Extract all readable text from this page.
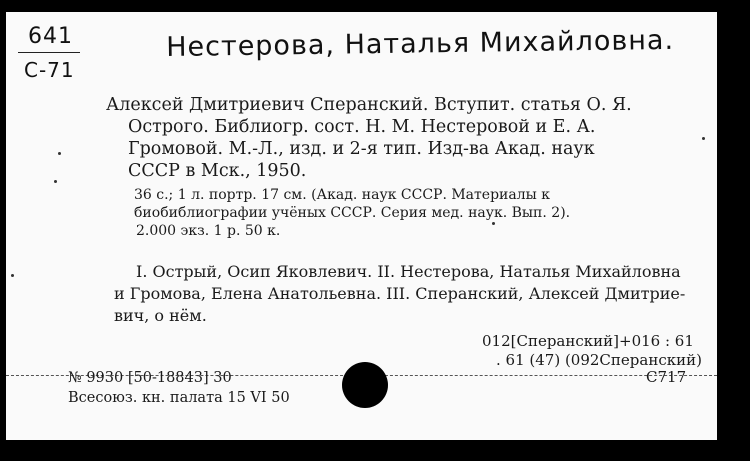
641
С-71
Нестерова, Наталья Михайловна.
Алексей Дмитриевич Сперанский. Вступит. статья О. Я.
Острого. Библиогр. сост. Н. М. Нестеровой и Е. А.
Громовой. М.-Л., изд. и 2-я тип. Изд-ва Акад. наук
СССР в Мск., 1950.
36 с.; 1 л. портр. 17 см. (Акад. наук СССР. Материалы к
биобиблиографии учёных СССР. Серия мед. наук. Вып. 2).
2.000 экз. 1 р. 50 к.
I. Острый, Осип Яковлевич. II. Нестерова, Наталья Михайловна
и Громова, Елена Анатольевна. III. Сперанский, Алексей Дмитрие-
вич, о нём.
012[Сперанский]+016 : 61
. 61 (47) (092Сперанский)
С717
№ 9930 [50-18843] 30
Всесоюз. кн. палата 15 VI 50
